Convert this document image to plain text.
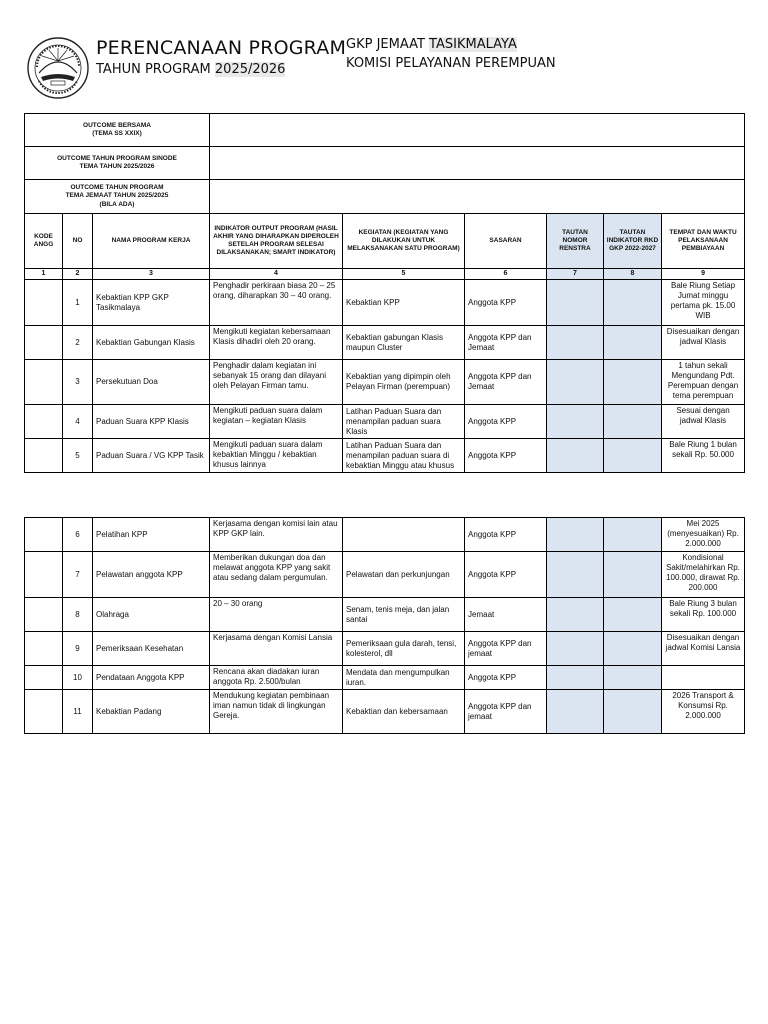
PERENCANAAN PROGRAM
TAHUN PROGRAM 2025/2026
GKP JEMAAT TASIKMALAYA
KOMISI PELAYANAN PEREMPUAN
OUTCOME BERSAMA
(TEMA SS XXIX)								

OUTCOME TAHUN PROGRAM SINODE
TEMA TAHUN 2025/2026								

OUTCOME TAHUN PROGRAM
TEMA JEMAAT TAHUN 2025/2025
(BILA ADA)								

KODE ANGG	NO	NAMA PROGRAM KERJA	INDIKATOR OUTPUT PROGRAM (HASIL AKHIR YANG DIHARAPKAN DIPEROLEH SETELAH PROGRAM SELESAI DILAKSANAKAN; SMART INDIKATOR)	KEGIATAN (KEGIATAN YANG DILAKUKAN UNTUK MELAKSANAKAN SATU PROGRAM)	SASARAN	TAUTAN NOMOR RENSTRA	TAUTAN INDIKATOR RKD GKP 2022-2027	TEMPAT DAN WAKTU PELAKSANAAN PEMBIAYAAN
1	2	3	4	5	6	7	8	9
	1	Kebaktian KPP GKP Tasikmalaya	Penghadir perkiraan biasa 20 – 25 orang, diharapkan 30 – 40 orang.	Kebaktian KPP	Anggota KPP			Bale Riung Setiap Jumat minggu pertama pk. 15.00 WIB
	2	Kebaktian Gabungan Klasis	Mengikuti kegiatan kebersamaan Klasis dihadiri oleh 20 orang.	Kebaktian gabungan Klasis maupun Cluster	Anggota KPP dan Jemaat			Disesuaikan dengan jadwal Klasis
	3	Persekutuan Doa	Penghadir dalam kegiatan ini sebanyak 15 orang dan dilayani oleh Pelayan Firman tamu.	Kebaktian yang dipimpin oleh Pelayan Firman (perempuan)	Anggota KPP dan Jemaat			1 tahun sekali Mengundang Pdt. Perempuan dengan tema perempuan
	4	Paduan Suara KPP Klasis	Mengikuti paduan suara dalam kegiatan – kegiatan Klasis	Latihan Paduan Suara dan menampilan paduan suara Klasis	Anggota KPP			Sesuai dengan jadwal Klasis
	5	Paduan Suara / VG KPP Tasik	Mengikuti paduan suara dalam kebaktian Minggu / kebaktian khusus lainnya	Latihan Paduan Suara dan menampilan paduan suara di kebaktian Minggu atau khusus	Anggota KPP			Bale Riung 1 bulan sekali Rp. 50.000
	6	Pelatihan KPP	Kerjasama dengan komisi lain atau KPP GKP lain.		Anggota KPP			Mei 2025 (menyesuaikan) Rp. 2.000.000
	7	Pelawatan anggota KPP	Memberikan dukungan doa dan melawat anggota KPP yang sakit atau sedang dalam pergumulan.	Pelawatan dan perkunjungan	Anggota KPP			Kondisional Sakit/melahirkan Rp. 100.000, dirawat Rp. 200.000
	8	Olahraga	20 – 30 orang	Senam, tenis meja, dan jalan santai	Jemaat			Bale Riung 3 bulan sekali Rp. 100.000
	9	Pemeriksaan Kesehatan	Kerjasama dengan Komisi Lansia	Pemeriksaan gula darah, tensi, kolesterol, dll	Anggota KPP dan jemaat			Disesuaikan dengan jadwal Komisi Lansia
	10	Pendataan Anggota KPP	Rencana akan diadakan iuran anggota Rp. 2.500/bulan	Mendata dan mengumpulkan iuran.	Anggota KPP			
	11	Kebaktian Padang	Mendukung kegiatan pembinaan iman namun tidak di lingkungan Gereja.	Kebaktian dan kebersamaan	Anggota KPP dan jemaat			2026 Transport & Konsumsi Rp. 2.000.000
